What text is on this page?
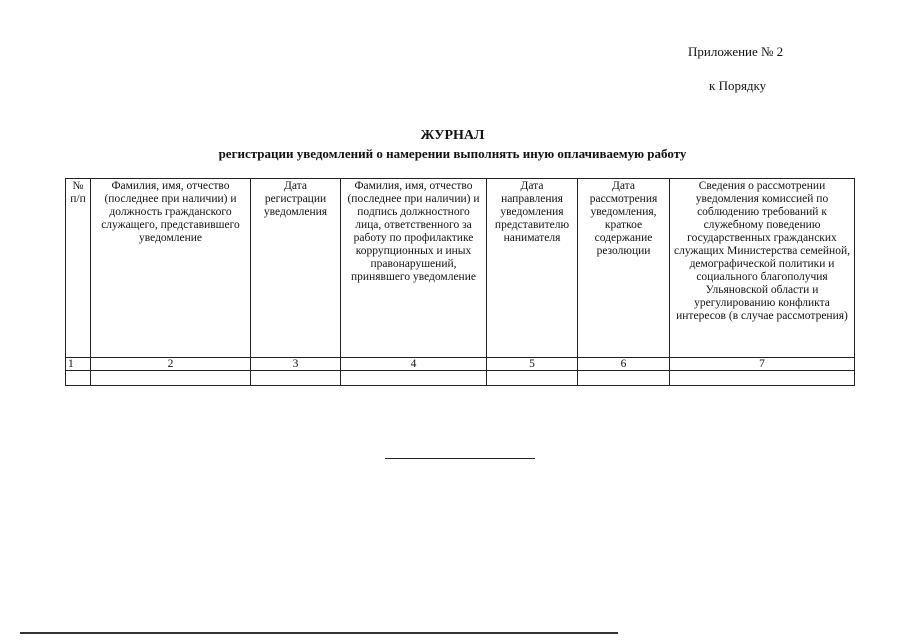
Приложение № 2
к Порядку
ЖУРНАЛ
регистрации уведомлений о намерении выполнять иную оплачиваемую работу
№ п/п	Фамилия, имя, отчество (последнее при наличии) и должность гражданского служащего, представившего уведомление	Дата регистрации уведомления	Фамилия, имя, отчество (последнее при наличии) и подпись должностного лица, ответственного за работу по профилактике коррупционных и иных правонарушений, принявшего уведомление	Дата направления уведомления представителю нанимателя	Дата рассмотрения уведомления, краткое содержание резолюции	Сведения о рассмотрении уведомления комиссией по соблюдению требований к служебному поведению государственных гражданских служащих Министерства семейной, демографической политики и социального благополучия Ульяновской области и урегулированию конфликта интересов (в случае рассмотрения)
1	2	3	4	5	6	7
